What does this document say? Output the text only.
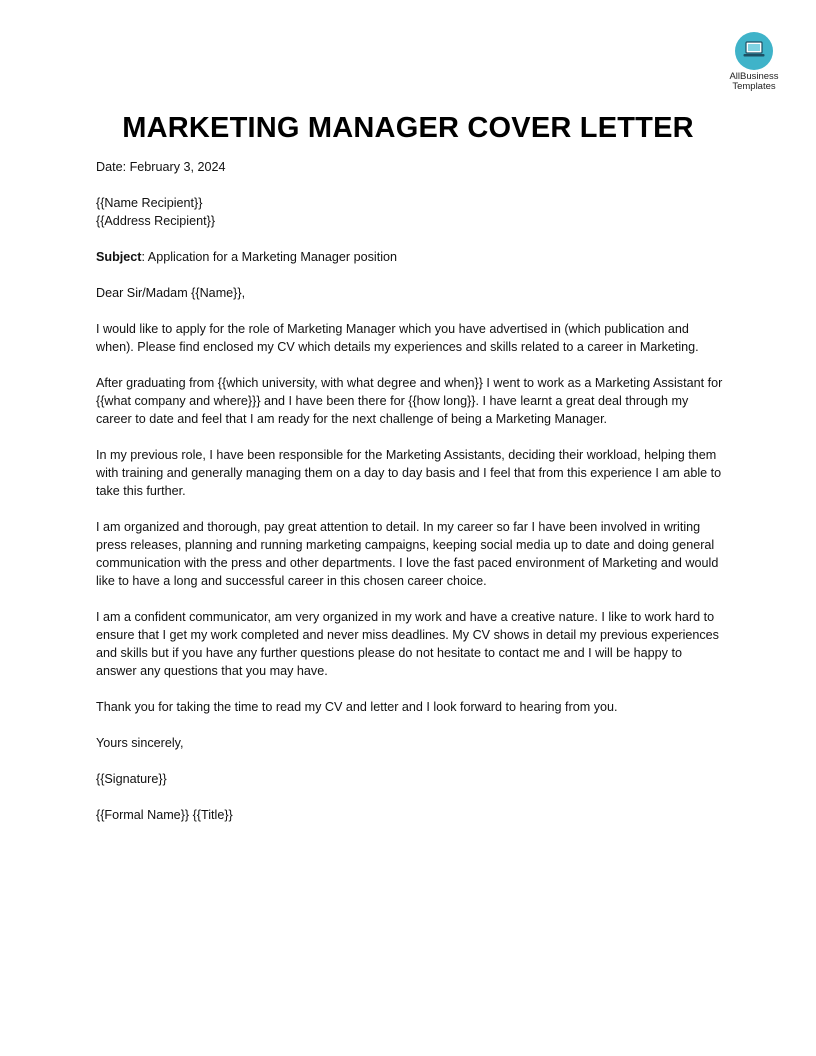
AllBusiness
Templates
MARKETING MANAGER COVER LETTER

Date: February 3, 2024

{{Name Recipient}}

{{Address Recipient}}

Subject: Application for a Marketing Manager position

Dear Sir/Madam {{Name}},

I would like to apply for the role of Marketing Manager which you have advertised in (which publication and when). Please find enclosed my CV which details my experiences and skills related to a career in Marketing.

After graduating from {{which university, with what degree and when}} I went to work as a Marketing Assistant for {{what company and where}}} and I have been there for {{how long}}. I have learnt a great deal through my career to date and feel that I am ready for the next challenge of being a Marketing Manager.

In my previous role, I have been responsible for the Marketing Assistants, deciding their workload, helping them with training and generally managing them on a day to day basis and I feel that from this experience I am able to take this further.

I am organized and thorough, pay great attention to detail. In my career so far I have been involved in writing press releases, planning and running marketing campaigns, keeping social media up to date and doing general communication with the press and other departments. I love the fast paced environment of Marketing and would like to have a long and successful career in this chosen career choice.

I am a confident communicator, am very organized in my work and have a creative nature. I like to work hard to ensure that I get my work completed and never miss deadlines. My CV shows in detail my previous experiences and skills but if you have any further questions please do not hesitate to contact me and I will be happy to answer any questions that you may have.

Thank you for taking the time to read my CV and letter and I look forward to hearing from you.

Yours sincerely,

{{Signature}}

{{Formal Name}} {{Title}}
